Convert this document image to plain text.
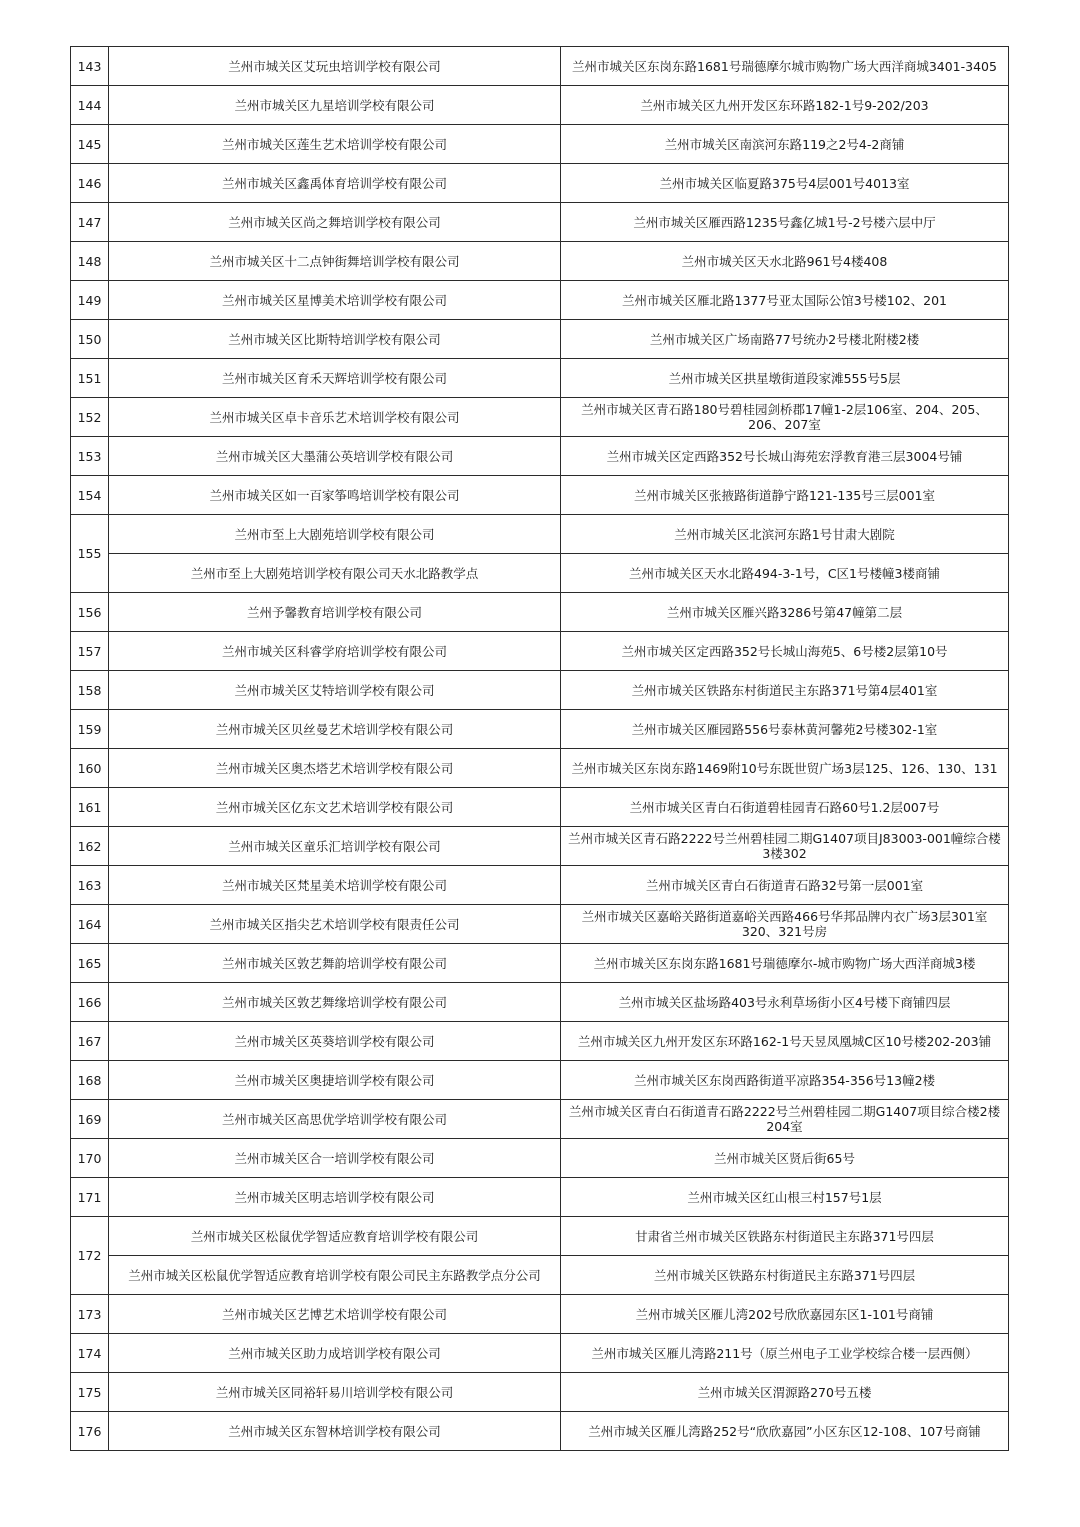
143	兰州市城关区艾玩虫培训学校有限公司	兰州市城关区东岗东路1681号瑞德摩尔城市购物广场大西洋商城3401-3405
144	兰州市城关区九星培训学校有限公司	兰州市城关区九州开发区东环路182-1号9-202/203
145	兰州市城关区莲生艺术培训学校有限公司	兰州市城关区南滨河东路119之2号4-2商铺
146	兰州市城关区鑫禹体育培训学校有限公司	兰州市城关区临夏路375号4层001号4013室
147	兰州市城关区尚之舞培训学校有限公司	兰州市城关区雁西路1235号鑫亿城1号-2号楼六层中厅
148	兰州市城关区十二点钟街舞培训学校有限公司	兰州市城关区天水北路961号4楼408
149	兰州市城关区星博美术培训学校有限公司	兰州市城关区雁北路1377号亚太国际公馆3号楼102、201
150	兰州市城关区比斯特培训学校有限公司	兰州市城关区广场南路77号统办2号楼北附楼2楼
151	兰州市城关区育禾天辉培训学校有限公司	兰州市城关区拱星墩街道段家滩555号5层
152	兰州市城关区卓卡音乐艺术培训学校有限公司	兰州市城关区青石路180号碧桂园剑桥郡17幢1-2层106室、204、205、206、207室
153	兰州市城关区大墨蒲公英培训学校有限公司	兰州市城关区定西路352号长城山海苑宏浮教育港三层3004号铺
154	兰州市城关区如一百家筝鸣培训学校有限公司	兰州市城关区张掖路街道静宁路121-135号三层001室
155	兰州市至上大剧苑培训学校有限公司	兰州市城关区北滨河东路1号甘肃大剧院
	兰州市至上大剧苑培训学校有限公司天水北路教学点	兰州市城关区天水北路494-3-1号，C区1号楼幢3楼商铺
156	兰州予馨教育培训学校有限公司	兰州市城关区雁兴路3286号第47幢第二层
157	兰州市城关区科睿学府培训学校有限公司	兰州市城关区定西路352号长城山海苑5、6号楼2层第10号
158	兰州市城关区艾特培训学校有限公司	兰州市城关区铁路东村街道民主东路371号第4层401室
159	兰州市城关区贝丝曼艺术培训学校有限公司	兰州市城关区雁园路556号泰林黄河馨苑2号楼302-1室
160	兰州市城关区奥杰塔艺术培训学校有限公司	兰州市城关区东岗东路1469附10号东既世贸广场3层125、126、130、131
161	兰州市城关区亿东文艺术培训学校有限公司	兰州市城关区青白石街道碧桂园青石路60号1.2层007号
162	兰州市城关区童乐汇培训学校有限公司	兰州市城关区青石路2222号兰州碧桂园二期G1407项目J83003-001幢综合楼3楼302
163	兰州市城关区梵星美术培训学校有限公司	兰州市城关区青白石街道青石路32号第一层001室
164	兰州市城关区指尖艺术培训学校有限责任公司	兰州市城关区嘉峪关路街道嘉峪关西路466号华邦品牌内衣广场3层301室320、321号房
165	兰州市城关区敦艺舞韵培训学校有限公司	兰州市城关区东岗东路1681号瑞德摩尔-城市购物广场大西洋商城3楼
166	兰州市城关区敦艺舞缘培训学校有限公司	兰州市城关区盐场路403号永利草场街小区4号楼下商铺四层
167	兰州市城关区英葵培训学校有限公司	兰州市城关区九州开发区东环路162-1号天昱凤凰城C区10号楼202-203铺
168	兰州市城关区奥捷培训学校有限公司	兰州市城关区东岗西路街道平凉路354-356号13幢2楼
169	兰州市城关区高思优学培训学校有限公司	兰州市城关区青白石街道青石路2222号兰州碧桂园二期G1407项目综合楼2楼204室
170	兰州市城关区合一培训学校有限公司	兰州市城关区贤后街65号
171	兰州市城关区明志培训学校有限公司	兰州市城关区红山根三村157号1层
172	兰州市城关区松鼠优学智适应教育培训学校有限公司	甘肃省兰州市城关区铁路东村街道民主东路371号四层
	兰州市城关区松鼠优学智适应教育培训学校有限公司民主东路教学点分公司	兰州市城关区铁路东村街道民主东路371号四层
173	兰州市城关区艺博艺术培训学校有限公司	兰州市城关区雁儿湾202号欣欣嘉园东区1-101号商铺
174	兰州市城关区助力成培训学校有限公司	兰州市城关区雁儿湾路211号（原兰州电子工业学校综合楼一层西侧）
175	兰州市城关区同裕轩易川培训学校有限公司	兰州市城关区渭源路270号五楼
176	兰州市城关区东智林培训学校有限公司	兰州市城关区雁儿湾路252号“欣欣嘉园”小区东区12-108、107号商铺
